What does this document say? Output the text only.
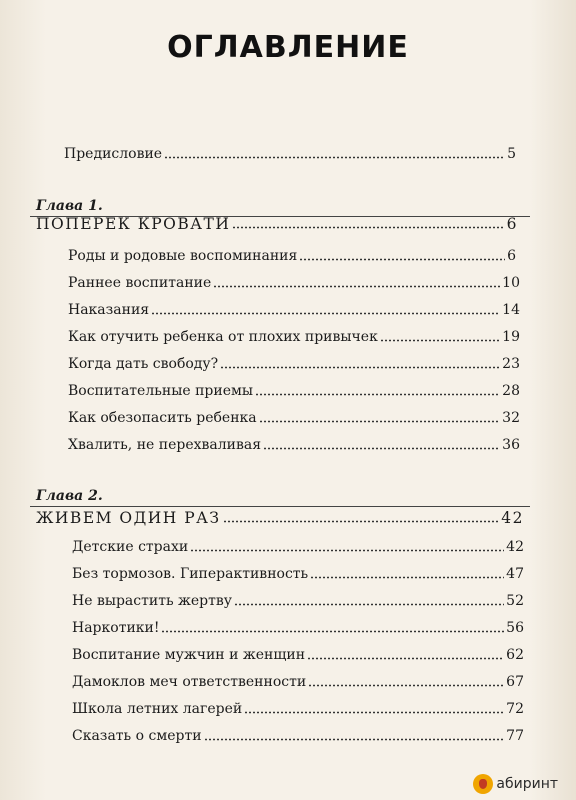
ОГЛАВЛЕНИЕ
Предисловие	5
Глава 1.
ПОПЕРЕК КРОВАТИ	6
Роды и родовые воспоминания	6
Раннее воспитание	10
Наказания	14
Как отучить ребенка от плохих привычек	19
Когда дать свободу?	23
Воспитательные приемы	28
Как обезопасить ребенка	32
Хвалить, не перехваливая	36
Глава 2.
ЖИВЕМ ОДИН РАЗ	42
Детские страхи	42
Без тормозов. Гиперактивность	47
Не вырастить жертву	52
Наркотики!	56
Воспитание мужчин и женщин	62
Дамоклов меч ответственности	67
Школа летних лагерей	72
Сказать о смерти	77
абиринт
